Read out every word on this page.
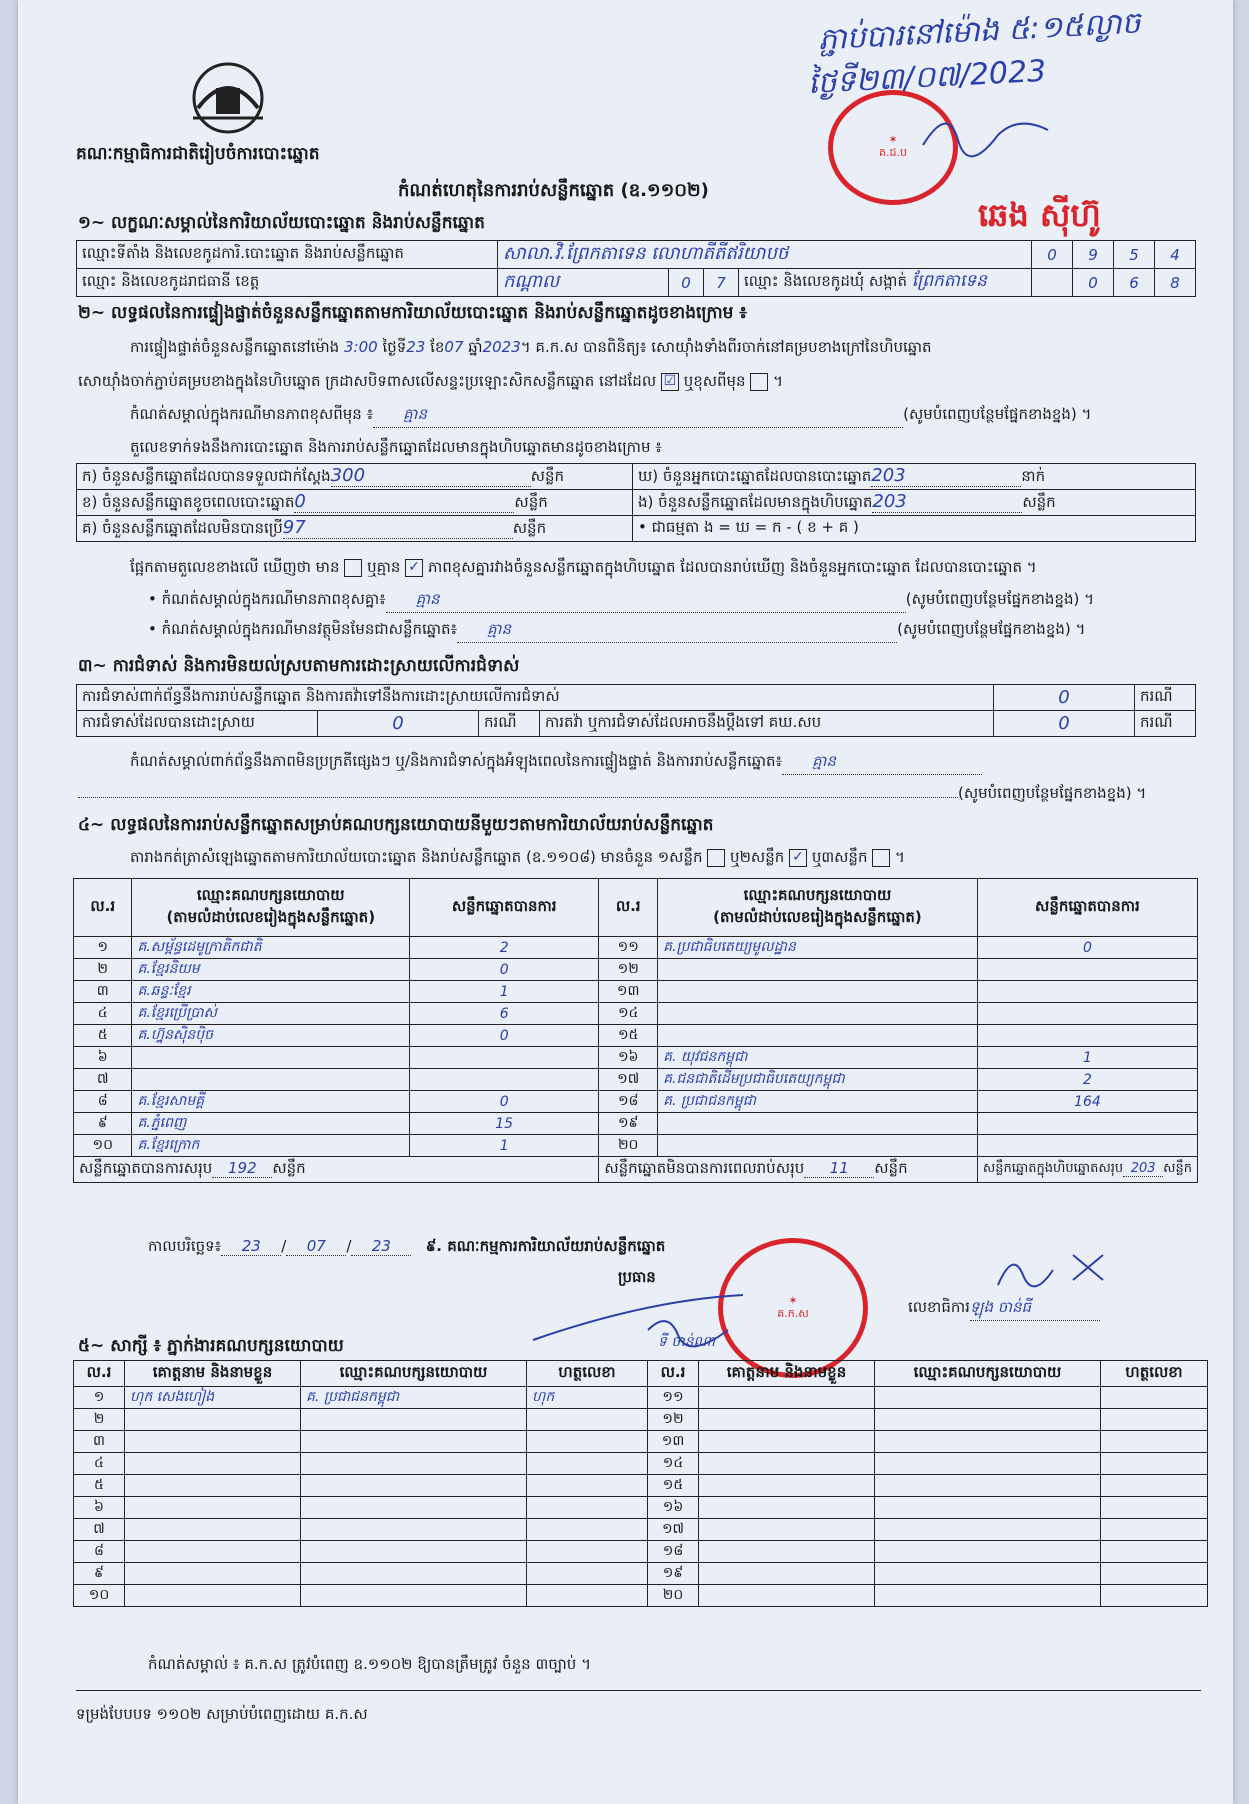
គណៈកម្មាធិការជាតិរៀបចំការបោះឆ្នោត
ភ្ជាប់បារនៅម៉ោង ៥:១៥ល្ងាច
ថ្ងៃទី២៣/០៧/2023
✶
គ.ជ.ប
ឆេង ស៊ីហ៊ូ
កំណត់ហេតុនៃការរាប់សន្លឹកឆ្នោត (ឧ.១១០២)
១~ លក្ខណៈសម្គាល់នៃការិយាល័យបោះឆ្នោត និងរាប់សន្លឹកឆ្នោត
ឈ្មោះទីតាំង និងលេខកូដការិ.បោះឆ្នោត និងរាប់សន្លឹកឆ្នោត	សាលា.វិ.ព្រែកតាទេន លោហាតីតីឥរិយាបថ				0	9	5	4
ឈ្មោះ និងលេខកូដរាជធានី ខេត្ត	កណ្តាល	0	7	ឈ្មោះ និងលេខកូដឃុំ សង្កាត់ ព្រែកតាទេន		0	6	8
២~ លទ្ធផលនៃការផ្ទៀងផ្ទាត់ចំនួនសន្លឹកឆ្នោតតាមការិយាល័យបោះឆ្នោត និងរាប់សន្លឹកឆ្នោតដូចខាងក្រោម ៖
ការផ្ទៀងផ្ទាត់ចំនួនសន្លឹកឆ្នោតនៅម៉ោង 3:00 ថ្ងៃទី23 ខែ07 ឆ្នាំ2023។ គ.ក.ស បានពិនិត្យ៖ សោយ៉ាំងទាំងពីរចាក់នៅគម្របខាងក្រៅនៃហិបឆ្នោត
សោយ៉ាំងចាក់ភ្ជាប់គម្របខាងក្នុងនៃហិបឆ្នោត ក្រដាសបិទពាសលើសន្ទះប្រឡោះសិកសន្លឹកឆ្នោត នៅដដែល ☑ ឬខុសពីមុន  ។
កំណត់សម្គាល់ក្នុងករណីមានភាពខុសពីមុន ៖ គ្មាន	(សូមបំពេញបន្ថែមផ្នែកខាងខ្នង) ។
តួលេខទាក់ទងនឹងការបោះឆ្នោត និងការរាប់សន្លឹកឆ្នោតដែលមានក្នុងហិបឆ្នោតមានដូចខាងក្រោម ៖
ក) ចំនួនសន្លឹកឆ្នោតដែលបានទទួលជាក់ស្តែង300 សន្លឹក	ឃ) ចំនួនអ្នកបោះឆ្នោតដែលបានបោះឆ្នោត203 នាក់
ខ) ចំនួនសន្លឹកឆ្នោតខូចពេលបោះឆ្នោត0 សន្លឹក	ង) ចំនួនសន្លឹកឆ្នោតដែលមានក្នុងហិបឆ្នោត203 សន្លឹក
គ) ចំនួនសន្លឹកឆ្នោតដែលមិនបានប្រើ97 សន្លឹក	• ជាធម្មតា ង = ឃ = ក - ( ខ + គ )
ផ្អែកតាមតួលេខខាងលើ ឃើញថា មាន ឬគ្មាន ✓ ភាពខុសគ្នារវាងចំនួនសន្លឹកឆ្នោតក្នុងហិបឆ្នោត ដែលបានរាប់ឃើញ និងចំនួនអ្នកបោះឆ្នោត ដែលបានបោះឆ្នោត ។
• កំណត់សម្គាល់ក្នុងករណីមានភាពខុសគ្នា៖ គ្មាន	(សូមបំពេញបន្ថែមផ្នែកខាងខ្នង) ។
• កំណត់សម្គាល់ក្នុងករណីមានវត្ថុមិនមែនជាសន្លឹកឆ្នោត៖ គ្មាន	(សូមបំពេញបន្ថែមផ្នែកខាងខ្នង) ។
៣~ ការជំទាស់ និងការមិនយល់ស្របតាមការដោះស្រាយលើការជំទាស់
ការជំទាស់ពាក់ព័ន្ធនឹងការរាប់សន្លឹកឆ្នោត និងការតវ៉ាទៅនឹងការដោះស្រាយលើការជំទាស់				0	ករណី
ការជំទាស់ដែលបានដោះស្រាយ	0	ករណី	ការតវ៉ា ឬការជំទាស់ដែលអាចនឹងប្តឹងទៅ គឃ.សប	0	ករណី
កំណត់សម្គាល់ពាក់ព័ន្ធនឹងភាពមិនប្រក្រតីផ្សេងៗ ឬ/និងការជំទាស់ក្នុងអំឡុងពេលនៃការផ្ទៀងផ្ទាត់ និងការរាប់សន្លឹកឆ្នោត៖ គ្មាន
(សូមបំពេញបន្ថែមផ្នែកខាងខ្នង) ។
៤~ លទ្ធផលនៃការរាប់សន្លឹកឆ្នោតសម្រាប់គណបក្សនយោបាយនីមួយៗតាមការិយាល័យរាប់សន្លឹកឆ្នោត
តារាងកត់ត្រាសំឡេងឆ្នោតតាមការិយាល័យបោះឆ្នោត និងរាប់សន្លឹកឆ្នោត (ឧ.១១០៨) មានចំនួន ១សន្លឹក ឬ២សន្លឹក ✓ ឬ៣សន្លឹក  ។
ល.រ	ឈ្មោះគណបក្សនយោបាយ
(តាមលំដាប់លេខរៀងក្នុងសន្លឹកឆ្នោត)	សន្លឹកឆ្នោតបានការ	ល.រ	ឈ្មោះគណបក្សនយោបាយ
(តាមលំដាប់លេខរៀងក្នុងសន្លឹកឆ្នោត)	សន្លឹកឆ្នោតបានការ
១	គ.សម្ព័ន្ធដេមូក្រាតិកជាតិ	2	១១	គ.ប្រជាធិបតេយ្យមូលដ្ឋាន	0
២	គ.ខ្មែរនិយម	0	១២		
៣	គ.ឆន្ទៈខ្មែរ	1	១៣		
៤	គ.ខ្មែរប្រើប្រាស់	6	១៤		
៥	គ.ហ្វ៊ុនស៊ិនប៉ិច	0	១៥		
៦			១៦	គ. យុវជនកម្ពុជា	1
៧			១៧	គ.ជនជាតិដើមប្រជាធិបតេយ្យកម្ពុជា	2
៨	គ.ខ្មែរសាមគ្គី	0	១៨	គ. ប្រជាជនកម្ពុជា	164
៩	គ.ភ្នំពេញ	15	១៩		
១០	គ.ខ្មែរក្រោក	1	២០		
សន្លឹកឆ្នោតបានការសរុប 192 សន្លឹក			សន្លឹកឆ្នោតមិនបានការពេលរាប់សរុប 11 សន្លឹក		សន្លឹកឆ្នោតក្នុងហិបឆ្នោតសរុប 203 សន្លឹក
កាលបរិច្ឆេទ៖ 23 / 07 / 23 ៩. គណៈកម្មការការិយាល័យរាប់សន្លឹកឆ្នោត
ប្រធាន
✶
គ.ក.ស
ទី ចាន់ណា
លេខាធិការឡុង ចាន់ធី
៥~ សាក្សី ៖ ភ្នាក់ងារគណបក្សនយោបាយ
ល.រ	គោត្តនាម និងនាមខ្លួន	ឈ្មោះគណបក្សនយោបាយ	ហត្ថលេខា	ល.រ	គោត្តនាម និងនាមខ្លួន	ឈ្មោះគណបក្សនយោបាយ	ហត្ថលេខា
១	ហុក សេងហៀង	គ. ប្រជាជនកម្ពុជា	ហុក	១១			
២				១២			
៣				១៣			
៤				១៤			
៥				១៥			
៦				១៦			
៧				១៧			
៨				១៨			
៩				១៩			
១០				២០			
កំណត់សម្គាល់ ៖ គ.ក.ស ត្រូវបំពេញ ឧ.១១០២ ឱ្យបានត្រឹមត្រូវ ចំនួន ៣ច្បាប់ ។
ទម្រង់បែបបទ ១១០២ សម្រាប់បំពេញដោយ គ.ក.ស
